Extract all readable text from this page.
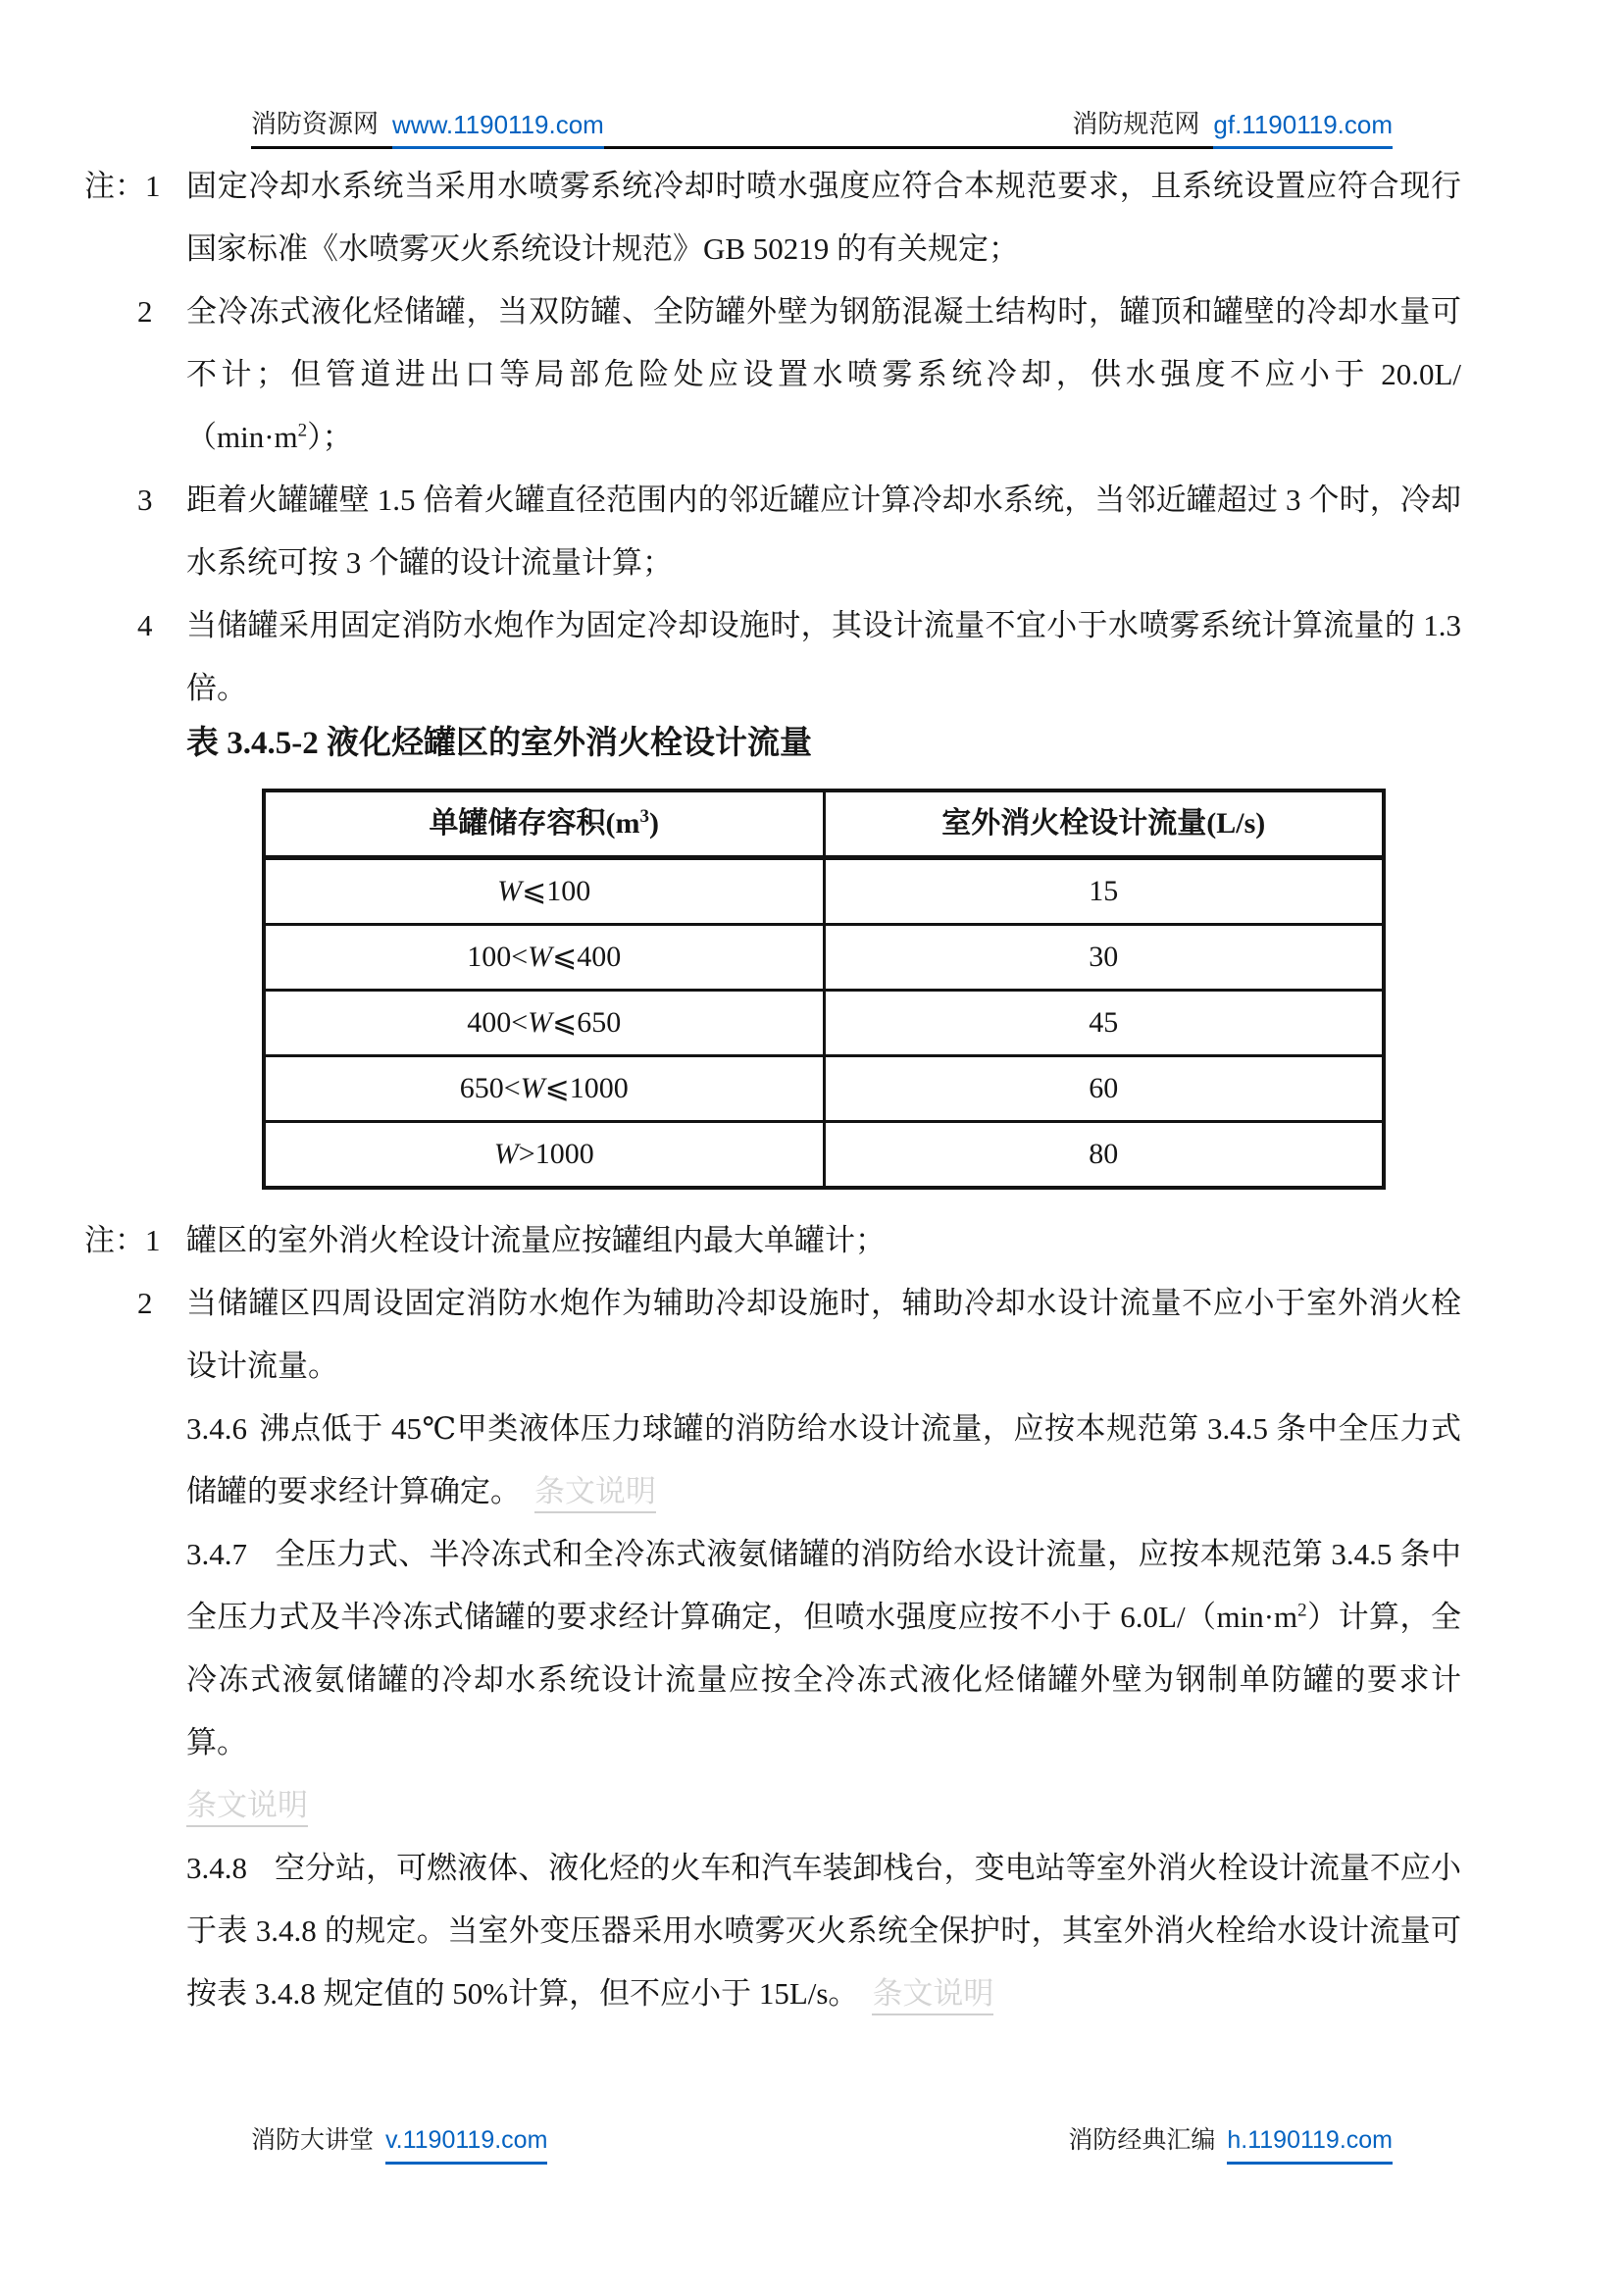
消防资源网 www.1190119.com	消防规范网 gf.1190119.com

注：1 固定冷却水系统当采用水喷雾系统冷却时喷水强度应符合本规范要求，且系统设置应符合现行国家标准《水喷雾灭火系统设计规范》GB 50219 的有关规定；

2 全冷冻式液化烃储罐，当双防罐、全防罐外壁为钢筋混凝土结构时，罐顶和罐壁的冷却水量可不计；但管道进出口等局部危险处应设置水喷雾系统冷却，供水强度不应小于 $20.0L/(\min\cdot m^2)$；

3 距着火罐罐壁 1.5 倍着火罐直径范围内的邻近罐应计算冷却水系统，当邻近罐超过 3 个时，冷却水系统可按 3 个罐的设计流量计算；

4 当储罐采用固定消防水炮作为固定冷却设施时，其设计流量不宜小于水喷雾系统计算流量的 1.3 倍。

表 3.4.5-2 液化烃罐区的室外消火栓设计流量

单罐储存容积$(m^3)$	室外消火栓设计流量(L/s)
W⩽100	15
100<W⩽400	30
400<W⩽650	45
650<W⩽1000	60
W>1000	80

注：1 罐区的室外消火栓设计流量应按罐组内最大单罐计；

2 当储罐区四周设固定消防水炮作为辅助冷却设施时，辅助冷却水设计流量不应小于室外消火栓设计流量。

3.4.6 沸点低于 45℃甲类液体压力球罐的消防给水设计流量，应按本规范第 3.4.5 条中全压力式储罐的要求经计算确定。 条文说明

3.4.7 全压力式、半冷冻式和全冷冻式液氨储罐的消防给水设计流量，应按本规范第 3.4.5 条中全压力式及半冷冻式储罐的要求经计算确定，但喷水强度应按不小于 $6.0L/(\min\cdot m^2)$计算，全冷冻式液氨储罐的冷却水系统设计流量应按全冷冻式液化烃储罐外壁为钢制单防罐的要求计算。

条文说明

3.4.8 空分站，可燃液体、液化烃的火车和汽车装卸栈台，变电站等室外消火栓设计流量不应小于表 3.4.8 的规定。当室外变压器采用水喷雾灭火系统全保护时，其室外消火栓给水设计流量可按表 3.4.8 规定值的 50%计算，但不应小于 15L/s。 条文说明

消防大讲堂 v.1190119.com	消防经典汇编 h.1190119.com
